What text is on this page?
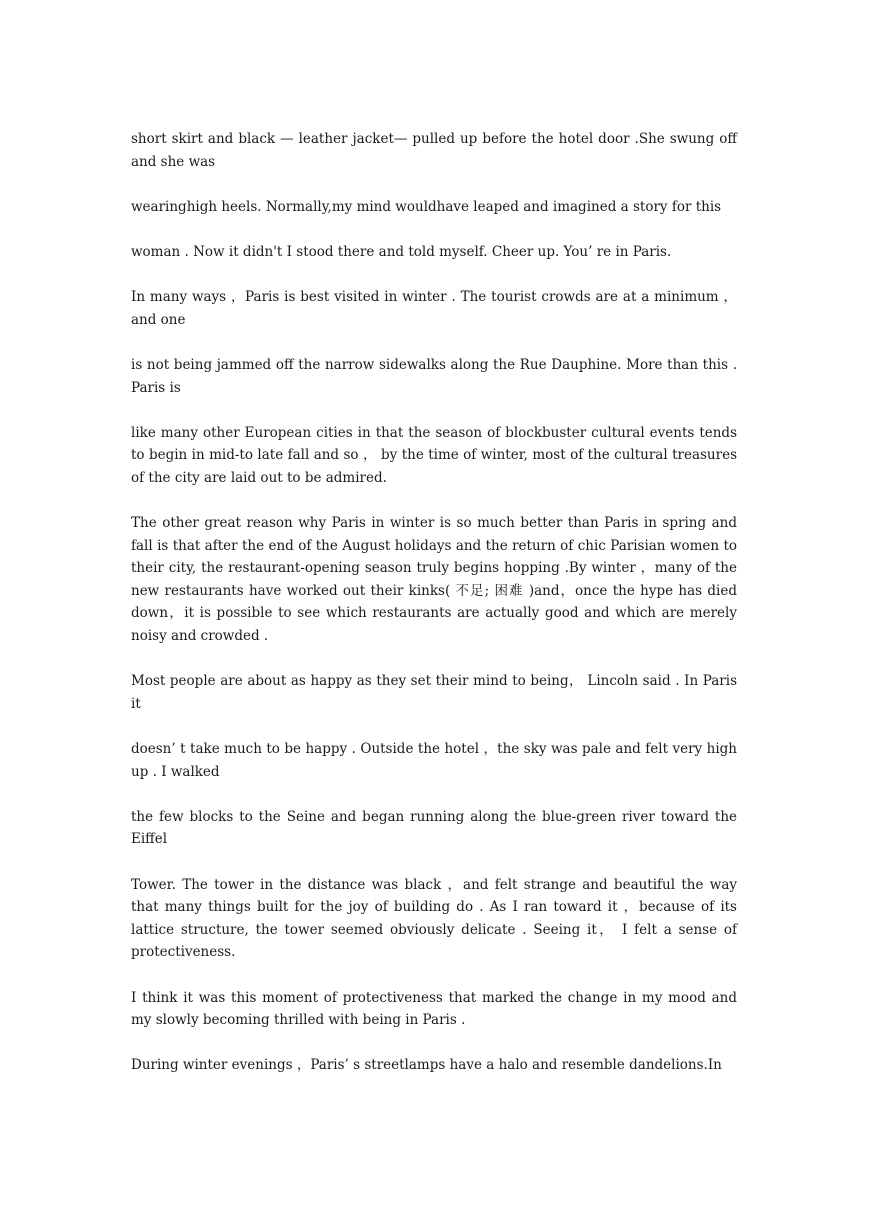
short skirt and black — leather jacket— pulled up before the hotel door .She swung off and she was

wearinghigh heels. Normally,my mind wouldhave leaped and imagined a story for this

woman . Now it didn't I stood there and told myself. Cheer up. You’ re in Paris.

In many ways ，Paris is best visited in winter . The tourist crowds are at a minimum ，and one

is not being jammed off the narrow sidewalks along the Rue Dauphine. More than this . Paris is

like many other European cities in that the season of blockbuster cultural events tends to begin in mid-to late fall and so ， by the time of winter, most of the cultural treasures of the city are laid out to be admired.

The other great reason why Paris in winter is so much better than Paris in spring and fall is that after the end of the August holidays and the return of chic Parisian women to their city, the restaurant-opening season truly begins hopping .By winter ，many of the new restaurants have worked out their kinks( 不足; 困难 )and，once the hype has died down，it is possible to see which restaurants are actually good and which are merely noisy and crowded .

Most people are about as happy as they set their mind to being， Lincoln said . In Paris it

doesn’ t take much to be happy . Outside the hotel ，the sky was pale and felt very high up . I walked

the few blocks to the Seine and began running along the blue-green river toward the Eiffel

Tower. The tower in the distance was black ，and felt strange and beautiful the way that many things built for the joy of building do . As I ran toward it ，because of its lattice structure, the tower seemed obviously delicate . Seeing it， I felt a sense of protectiveness.

I think it was this moment of protectiveness that marked the change in my mood and my slowly becoming thrilled with being in Paris .

During winter evenings ，Paris’ s streetlamps have a halo and resemble dandelions.In
